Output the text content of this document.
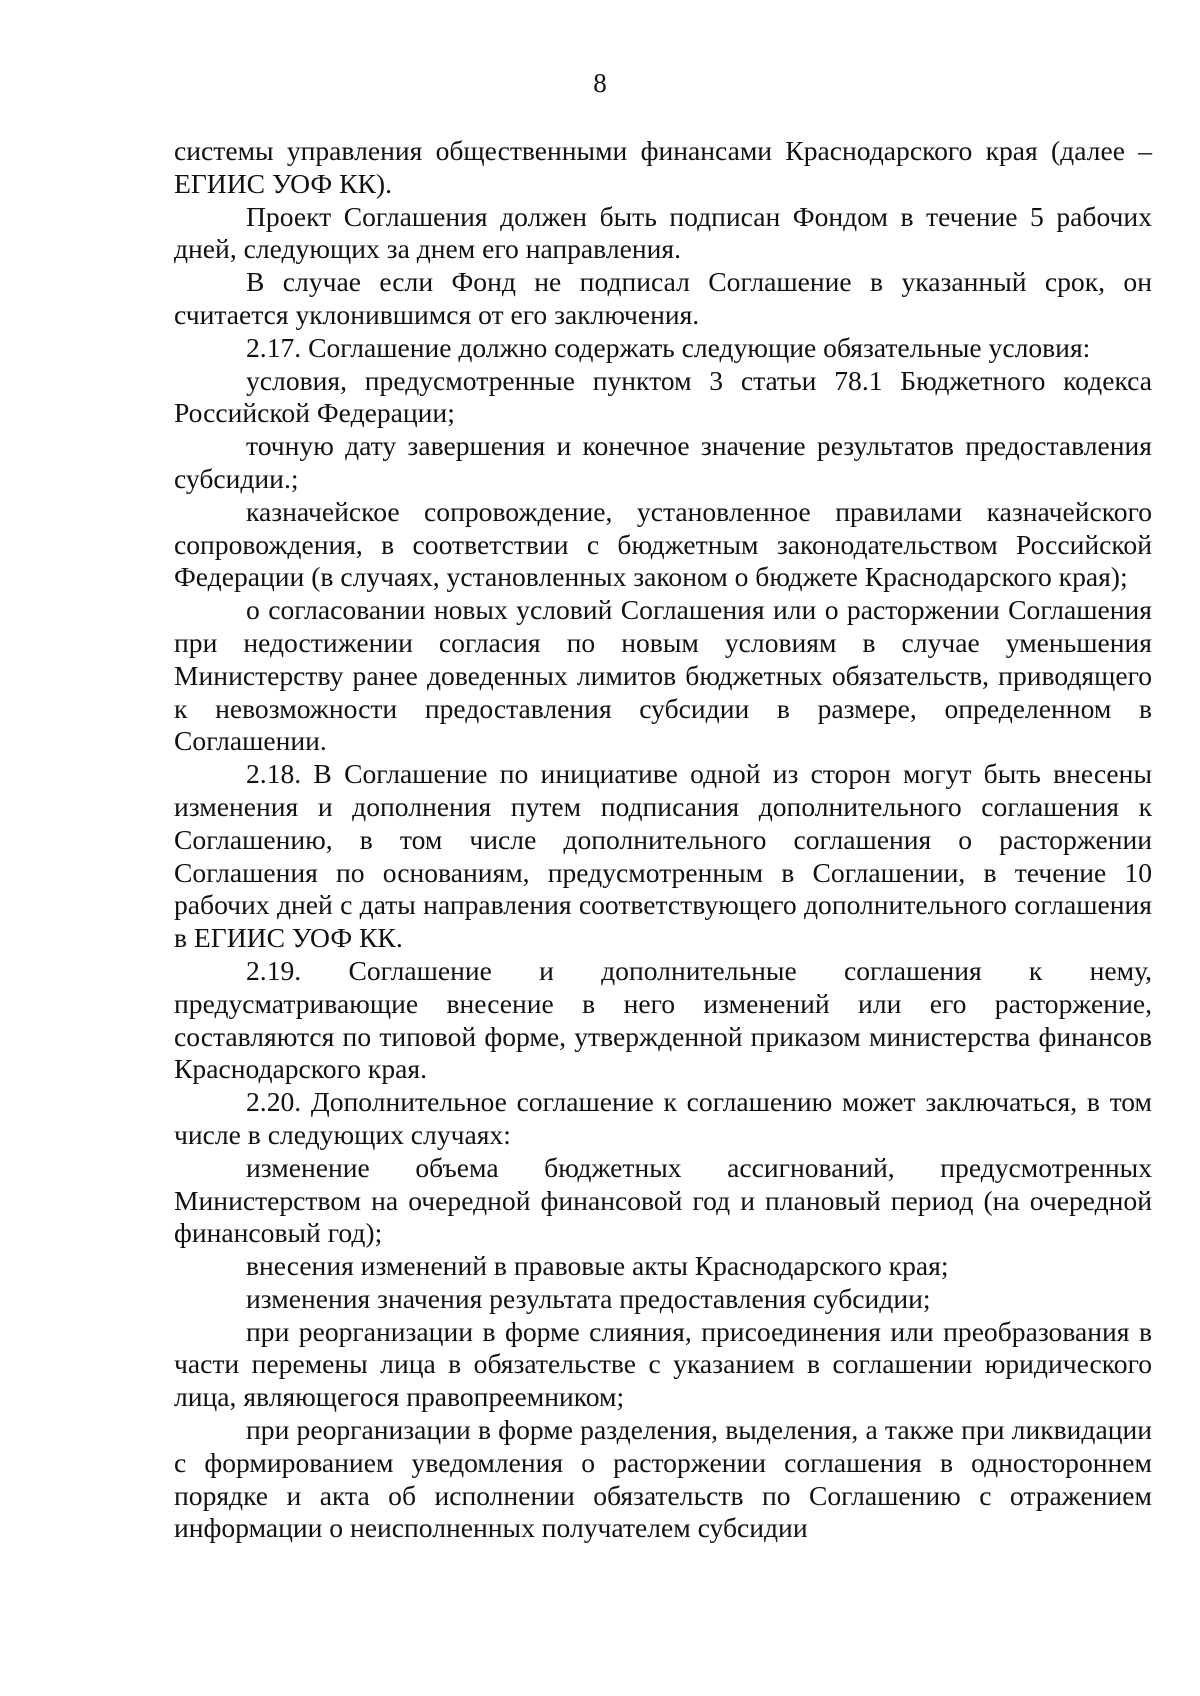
8

системы управления общественными финансами Краснодарского края (далее – ЕГИИС УОФ КК).

Проект Соглашения должен быть подписан Фондом в течение 5 рабочих дней, следующих за днем его направления.

В случае если Фонд не подписал Соглашение в указанный срок, он считается уклонившимся от его заключения.

2.17. Соглашение должно содержать следующие обязательные условия:

условия, предусмотренные пунктом 3 статьи 78.1 Бюджетного кодекса Российской Федерации;

точную дату завершения и конечное значение результатов предоставления субсидии.;

казначейское сопровождение, установленное правилами казначейского сопровождения, в соответствии с бюджетным законодательством Российской Федерации (в случаях, установленных законом о бюджете Краснодарского края);

о согласовании новых условий Соглашения или о расторжении Соглашения при недостижении согласия по новым условиям в случае уменьшения Министерству ранее доведенных лимитов бюджетных обязательств, приводящего к невозможности предоставления субсидии в размере, определенном в Соглашении.

2.18. В Соглашение по инициативе одной из сторон могут быть внесены изменения и дополнения путем подписания дополнительного соглашения к Соглашению, в том числе дополнительного соглашения о расторжении Соглашения по основаниям, предусмотренным в Соглашении, в течение 10 рабочих дней с даты направления соответствующего дополнительного соглашения в ЕГИИС УОФ КК.

2.19. Соглашение и дополнительные соглашения к нему, предусматривающие внесение в него изменений или его расторжение, составляются по типовой форме, утвержденной приказом министерства финансов Краснодарского края.

2.20. Дополнительное соглашение к соглашению может заключаться, в том числе в следующих случаях:

изменение объема бюджетных ассигнований, предусмотренных Министерством на очередной финансовой год и плановый период (на очередной финансовый год);

внесения изменений в правовые акты Краснодарского края;

изменения значения результата предоставления субсидии;

при реорганизации в форме слияния, присоединения или преобразования в части перемены лица в обязательстве с указанием в соглашении юридического лица, являющегося правопреемником;

при реорганизации в форме разделения, выделения, а также при ликвидации с формированием уведомления о расторжении соглашения в одностороннем порядке и акта об исполнении обязательств по Соглашению с отражением информации о неисполненных получателем субсидии
